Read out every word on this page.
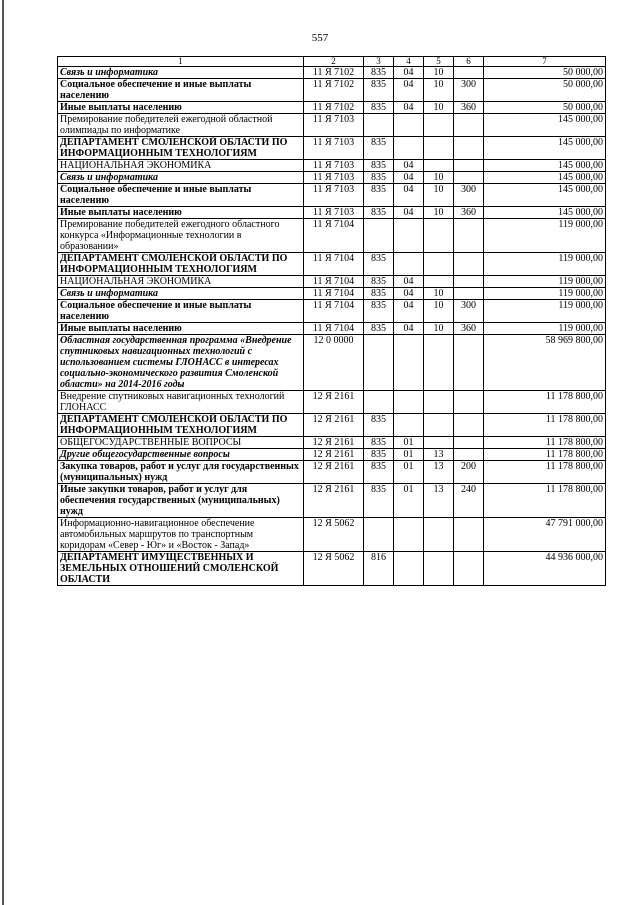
557
1	2	3	4	5	6	7
Связь и информатика	11 Я 7102	835	04	10		50 000,00
Социальное обеспечение и иные выплаты населению	11 Я 7102	835	04	10	300	50 000,00
Иные выплаты населению	11 Я 7102	835	04	10	360	50 000,00
Премирование победителей ежегодной областной олимпиады по информатике	11 Я 7103					145 000,00
ДЕПАРТАМЕНТ СМОЛЕНСКОЙ ОБЛАСТИ ПО ИНФОРМАЦИОННЫМ ТЕХНОЛОГИЯМ	11 Я 7103	835				145 000,00
НАЦИОНАЛЬНАЯ ЭКОНОМИКА	11 Я 7103	835	04			145 000,00
Связь и информатика	11 Я 7103	835	04	10		145 000,00
Социальное обеспечение и иные выплаты населению	11 Я 7103	835	04	10	300	145 000,00
Иные выплаты населению	11 Я 7103	835	04	10	360	145 000,00
Премирование победителей ежегодного областного конкурса «Информационные технологии в образовании»	11 Я 7104					119 000,00
ДЕПАРТАМЕНТ СМОЛЕНСКОЙ ОБЛАСТИ ПО ИНФОРМАЦИОННЫМ ТЕХНОЛОГИЯМ	11 Я 7104	835				119 000,00
НАЦИОНАЛЬНАЯ ЭКОНОМИКА	11 Я 7104	835	04			119 000,00
Связь и информатика	11 Я 7104	835	04	10		119 000,00
Социальное обеспечение и иные выплаты населению	11 Я 7104	835	04	10	300	119 000,00
Иные выплаты населению	11 Я 7104	835	04	10	360	119 000,00
Областная государственная программа «Внедрение спутниковых навигационных технологий с использованием системы ГЛОНАСС в интересах социально-экономического развития Смоленской области» на 2014-2016 годы	12 0 0000					58 969 800,00
Внедрение спутниковых навигационных технологий ГЛОНАСС	12 Я 2161					11 178 800,00
ДЕПАРТАМЕНТ СМОЛЕНСКОЙ ОБЛАСТИ ПО ИНФОРМАЦИОННЫМ ТЕХНОЛОГИЯМ	12 Я 2161	835				11 178 800,00
ОБЩЕГОСУДАРСТВЕННЫЕ ВОПРОСЫ	12 Я 2161	835	01			11 178 800,00
Другие общегосударственные вопросы	12 Я 2161	835	01	13		11 178 800,00
Закупка товаров, работ и услуг для государственных (муниципальных) нужд	12 Я 2161	835	01	13	200	11 178 800,00
Иные закупки товаров, работ и услуг для обеспечения государственных (муниципальных) нужд	12 Я 2161	835	01	13	240	11 178 800,00
Информационно-навигационное обеспечение автомобильных маршрутов по транспортным коридорам «Север - Юг» и «Восток - Запад»	12 Я 5062					47 791 000,00
ДЕПАРТАМЕНТ ИМУЩЕСТВЕННЫХ И ЗЕМЕЛЬНЫХ ОТНОШЕНИЙ СМОЛЕНСКОЙ ОБЛАСТИ	12 Я 5062	816				44 936 000,00
